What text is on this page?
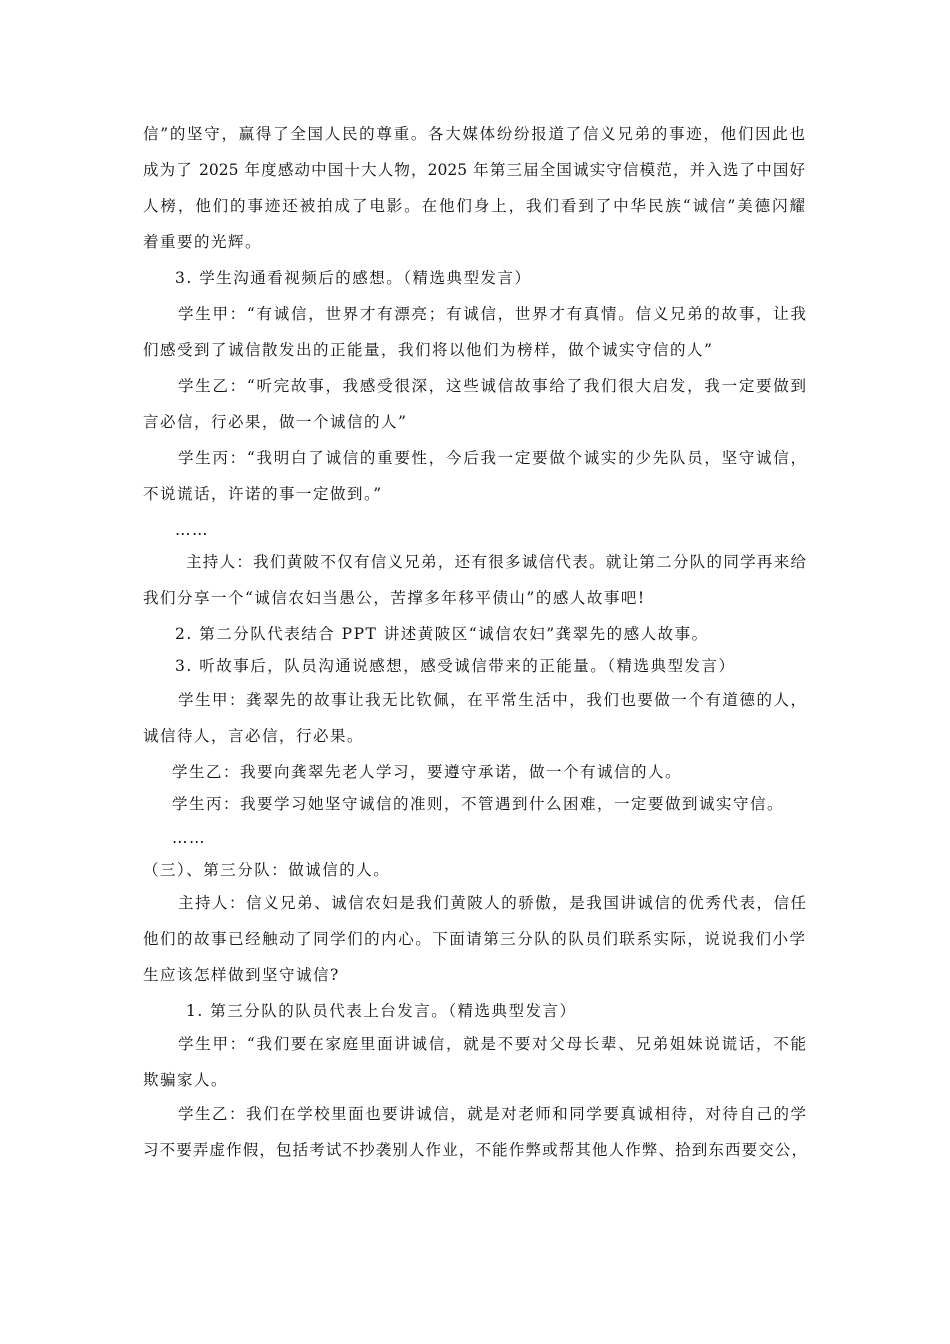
信”的坚守，赢得了全国人民的尊重。各大媒体纷纷报道了信义兄弟的事迹，他们因此也
成为了 2025 年度感动中国十大人物，2025 年第三届全国诚实守信模范，并入选了中国好
人榜，他们的事迹还被拍成了电影。在他们身上，我们看到了中华民族“诚信”美德闪耀
着重要的光辉。
3. 学生沟通看视频后的感想。（精选典型发言）
学生甲：“有诚信，世界才有漂亮；有诚信，世界才有真情。信义兄弟的故事，让我
们感受到了诚信散发出的正能量，我们将以他们为榜样，做个诚实守信的人”
学生乙：“听完故事，我感受很深，这些诚信故事给了我们很大启发，我一定要做到
言必信，行必果，做一个诚信的人”
学生丙：“我明白了诚信的重要性，今后我一定要做个诚实的少先队员，坚守诚信，
不说谎话，许诺的事一定做到。”
……
主持人：我们黄陂不仅有信义兄弟，还有很多诚信代表。就让第二分队的同学再来给
我们分享一个“诚信农妇当愚公，苦撑多年移平债山”的感人故事吧!
2. 第二分队代表结合 PPT 讲述黄陂区“诚信农妇”龚翠先的感人故事。
3. 听故事后，队员沟通说感想，感受诚信带来的正能量。（精选典型发言）
学生甲：龚翠先的故事让我无比钦佩，在平常生活中，我们也要做一个有道德的人，
诚信待人，言必信，行必果。
学生乙：我要向龚翠先老人学习，要遵守承诺，做一个有诚信的人。
学生丙：我要学习她坚守诚信的准则，不管遇到什么困难，一定要做到诚实守信。
……
（三）、第三分队：做诚信的人。
主持人：信义兄弟、诚信农妇是我们黄陂人的骄傲，是我国讲诚信的优秀代表，信任
他们的故事已经触动了同学们的内心。下面请第三分队的队员们联系实际，说说我们小学
生应该怎样做到坚守诚信?
1. 第三分队的队员代表上台发言。（精选典型发言）
学生甲：“我们要在家庭里面讲诚信，就是不要对父母长辈、兄弟姐妹说谎话，不能
欺骗家人。
学生乙：我们在学校里面也要讲诚信，就是对老师和同学要真诚相待，对待自己的学
习不要弄虚作假，包括考试不抄袭别人作业，不能作弊或帮其他人作弊、拾到东西要交公，
